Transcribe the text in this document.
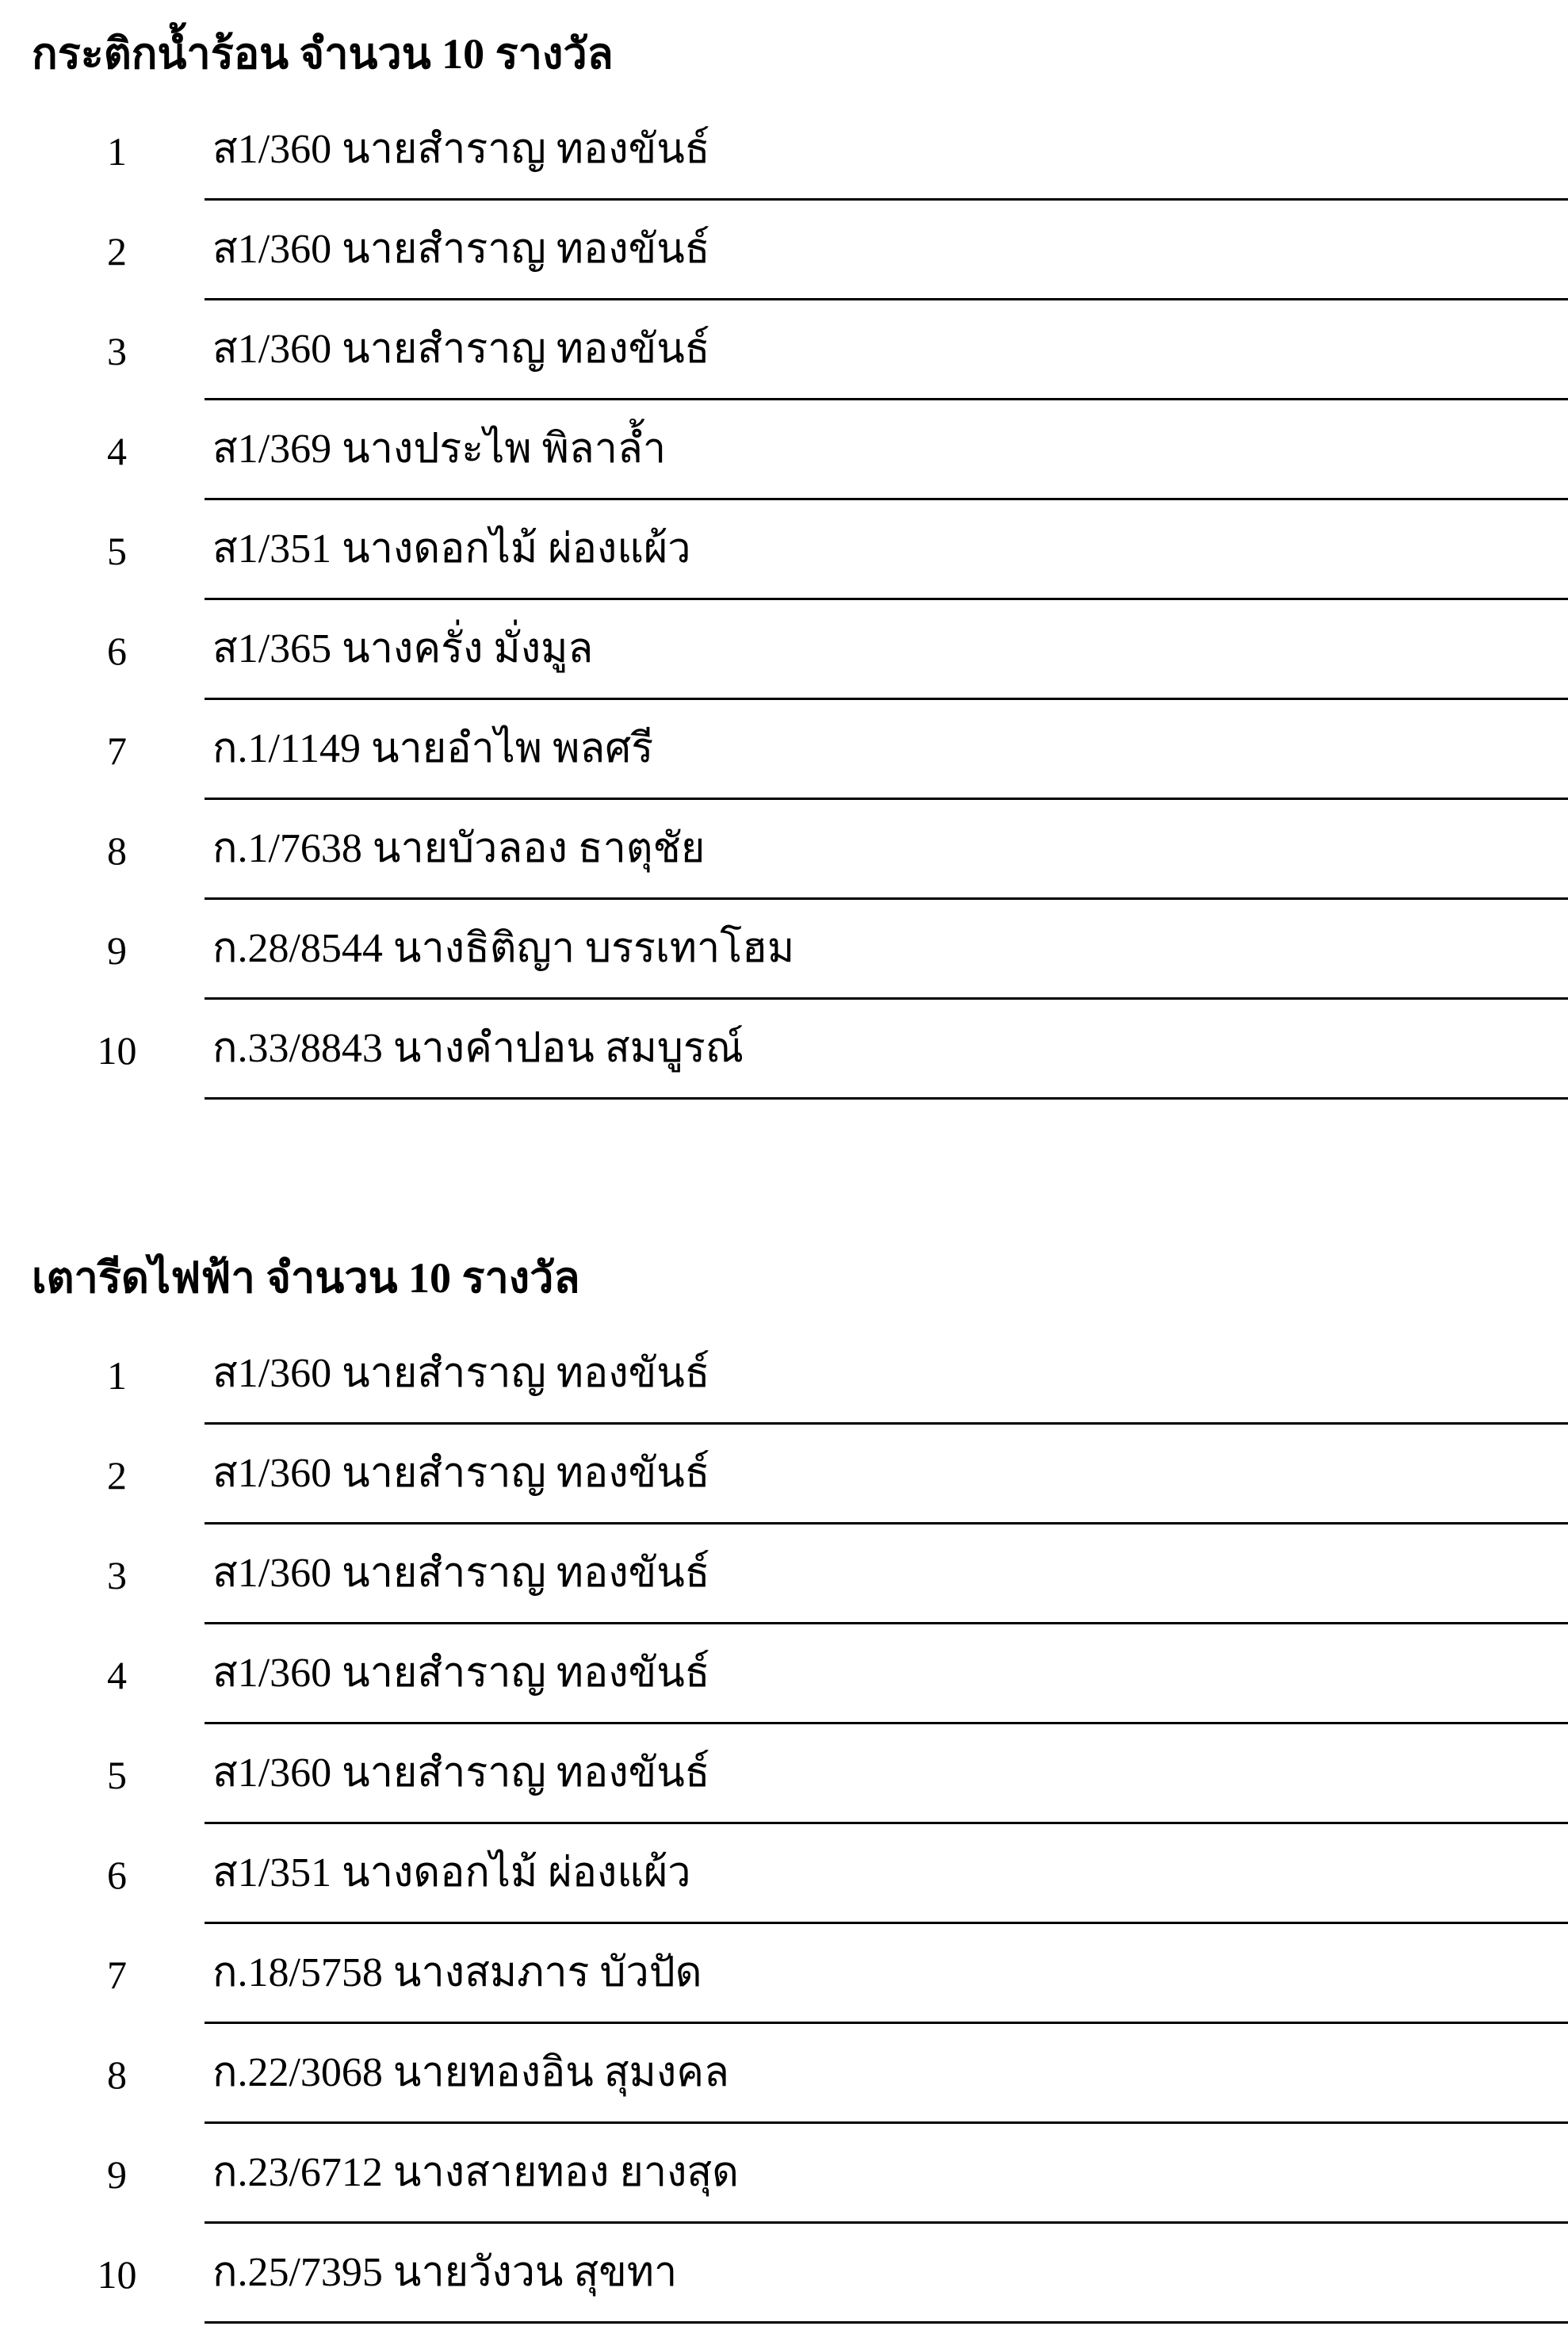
กระติกน้ำร้อน จำนวน 10 รางวัล
1	ส1/360 นายสำราญ ทองขันธ์
2	ส1/360 นายสำราญ ทองขันธ์
3	ส1/360 นายสำราญ ทองขันธ์
4	ส1/369 นางประไพ พิลาล้ำ
5	ส1/351 นางดอกไม้ ผ่องแผ้ว
6	ส1/365 นางครั่ง มั่งมูล
7	ก.1/1149 นายอำไพ พลศรี
8	ก.1/7638 นายบัวลอง ธาตุชัย
9	ก.28/8544 นางธิติญา บรรเทาโฮม
10	ก.33/8843 นางคำปอน สมบูรณ์
เตารีดไฟฟ้า จำนวน 10 รางวัล
1	ส1/360 นายสำราญ ทองขันธ์
2	ส1/360 นายสำราญ ทองขันธ์
3	ส1/360 นายสำราญ ทองขันธ์
4	ส1/360 นายสำราญ ทองขันธ์
5	ส1/360 นายสำราญ ทองขันธ์
6	ส1/351 นางดอกไม้ ผ่องแผ้ว
7	ก.18/5758 นางสมภาร บัวปัด
8	ก.22/3068 นายทองอิน สุมงคล
9	ก.23/6712 นางสายทอง ยางสุด
10	ก.25/7395 นายวังวน สุขทา
